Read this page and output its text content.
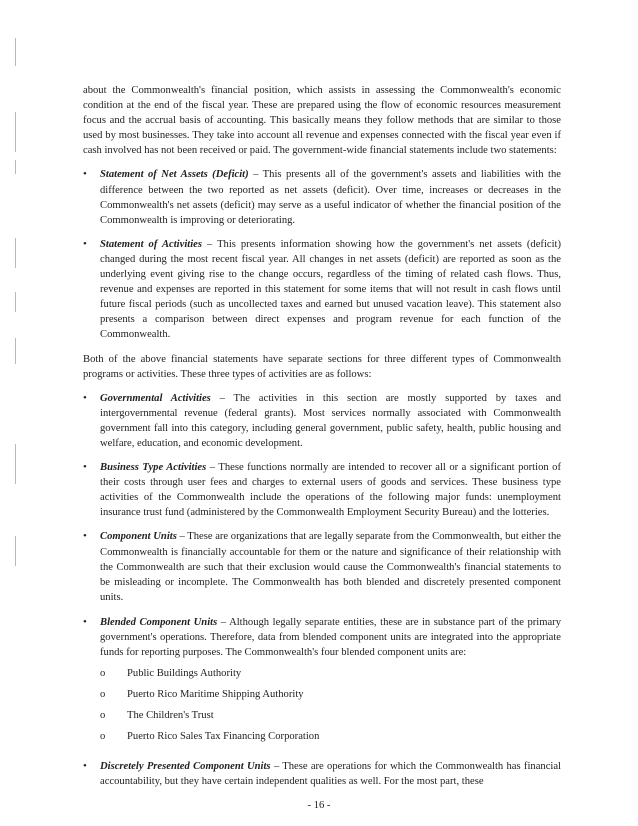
about the Commonwealth's financial position, which assists in assessing the Commonwealth's economic condition at the end of the fiscal year. These are prepared using the flow of economic resources measurement focus and the accrual basis of accounting. This basically means they follow methods that are similar to those used by most businesses. They take into account all revenue and expenses connected with the fiscal year even if cash involved has not been received or paid. The government-wide financial statements include two statements:

• Statement of Net Assets (Deficit) – This presents all of the government's assets and liabilities with the difference between the two reported as net assets (deficit). Over time, increases or decreases in the Commonwealth's net assets (deficit) may serve as a useful indicator of whether the financial position of the Commonwealth is improving or deteriorating.
• Statement of Activities – This presents information showing how the government's net assets (deficit) changed during the most recent fiscal year. All changes in net assets (deficit) are reported as soon as the underlying event giving rise to the change occurs, regardless of the timing of related cash flows. Thus, revenue and expenses are reported in this statement for some items that will not result in cash flows until future fiscal periods (such as uncollected taxes and earned but unused vacation leave). This statement also presents a comparison between direct expenses and program revenue for each function of the Commonwealth.

Both of the above financial statements have separate sections for three different types of Commonwealth programs or activities. These three types of activities are as follows:

• Governmental Activities – The activities in this section are mostly supported by taxes and intergovernmental revenue (federal grants). Most services normally associated with Commonwealth government fall into this category, including general government, public safety, health, public housing and welfare, education, and economic development.
• Business Type Activities – These functions normally are intended to recover all or a significant portion of their costs through user fees and charges to external users of goods and services. These business type activities of the Commonwealth include the operations of the following major funds: unemployment insurance trust fund (administered by the Commonwealth Employment Security Bureau) and the lotteries.
• Component Units – These are organizations that are legally separate from the Commonwealth, but either the Commonwealth is financially accountable for them or the nature and significance of their relationship with the Commonwealth are such that their exclusion would cause the Commonwealth's financial statements to be misleading or incomplete. The Commonwealth has both blended and discretely presented component units.
• Blended Component Units – Although legally separate entities, these are in substance part of the primary government's operations. Therefore, data from blended component units are integrated into the appropriate funds for reporting purposes. The Commonwealth's four blended component units are:
o Public Buildings Authority
o Puerto Rico Maritime Shipping Authority
o The Children's Trust
o Puerto Rico Sales Tax Financing Corporation
• Discretely Presented Component Units – These are operations for which the Commonwealth has financial accountability, but they have certain independent qualities as well. For the most part, these
- 16 -
